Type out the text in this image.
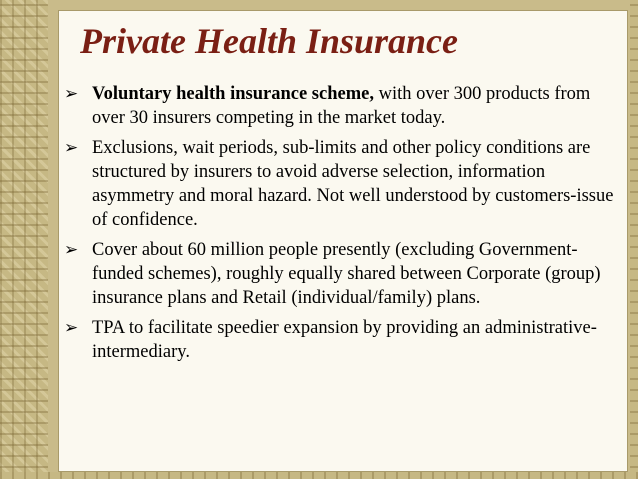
Private Health Insurance
➢ Voluntary health insurance scheme, with over 300 products from over 30 insurers competing in the market today.
➢ Exclusions, wait periods, sub-limits and other policy conditions are structured by insurers to avoid adverse selection, information asymmetry and moral hazard. Not well understood by customers-issue of confidence.
➢ Cover about 60 million people presently (excluding Government-funded schemes), roughly equally shared between Corporate (group) insurance plans and Retail (individual/family) plans.
➢ TPA to facilitate speedier expansion by providing an administrative-intermediary.
